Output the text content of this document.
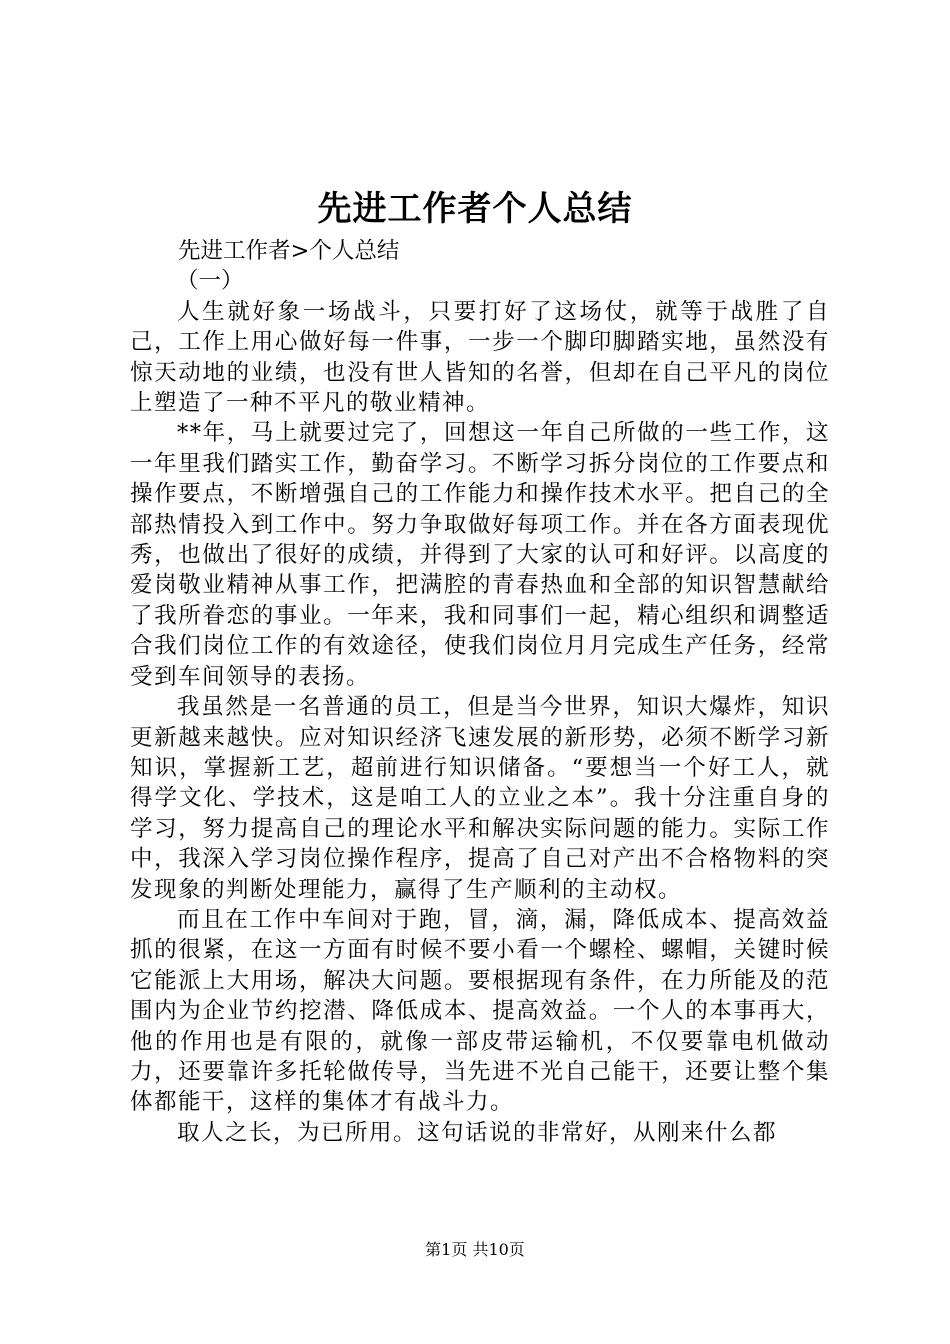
先进工作者个人总结

先进工作者>个人总结

（一）

人生就好象一场战斗，只要打好了这场仗，就等于战胜了自己，工作上用心做好每一件事，一步一个脚印脚踏实地，虽然没有惊天动地的业绩，也没有世人皆知的名誉，但却在自己平凡的岗位上塑造了一种不平凡的敬业精神。

**年，马上就要过完了，回想这一年自己所做的一些工作，这一年里我们踏实工作，勤奋学习。不断学习拆分岗位的工作要点和操作要点，不断增强自己的工作能力和操作技术水平。把自己的全部热情投入到工作中。努力争取做好每项工作。并在各方面表现优秀，也做出了很好的成绩，并得到了大家的认可和好评。以高度的爱岗敬业精神从事工作，把满腔的青春热血和全部的知识智慧献给了我所眷恋的事业。一年来，我和同事们一起，精心组织和调整适合我们岗位工作的有效途径，使我们岗位月月完成生产任务，经常受到车间领导的表扬。

我虽然是一名普通的员工，但是当今世界，知识大爆炸，知识更新越来越快。应对知识经济飞速发展的新形势，必须不断学习新知识，掌握新工艺，超前进行知识储备。“要想当一个好工人，就得学文化、学技术，这是咱工人的立业之本”。我十分注重自身的学习，努力提高自己的理论水平和解决实际问题的能力。实际工作中，我深入学习岗位操作程序，提高了自己对产出不合格物料的突发现象的判断处理能力，赢得了生产顺利的主动权。

而且在工作中车间对于跑，冒，滴，漏，降低成本、提高效益抓的很紧，在这一方面有时候不要小看一个螺栓、螺帽，关键时候它能派上大用场，解决大问题。要根据现有条件，在力所能及的范围内为企业节约挖潜、降低成本、提高效益。一个人的本事再大，他的作用也是有限的，就像一部皮带运输机，不仅要靠电机做动力，还要靠许多托轮做传导，当先进不光自己能干，还要让整个集体都能干，这样的集体才有战斗力。

取人之长，为已所用。这句话说的非常好，从刚来什么都

第1页 共10页
